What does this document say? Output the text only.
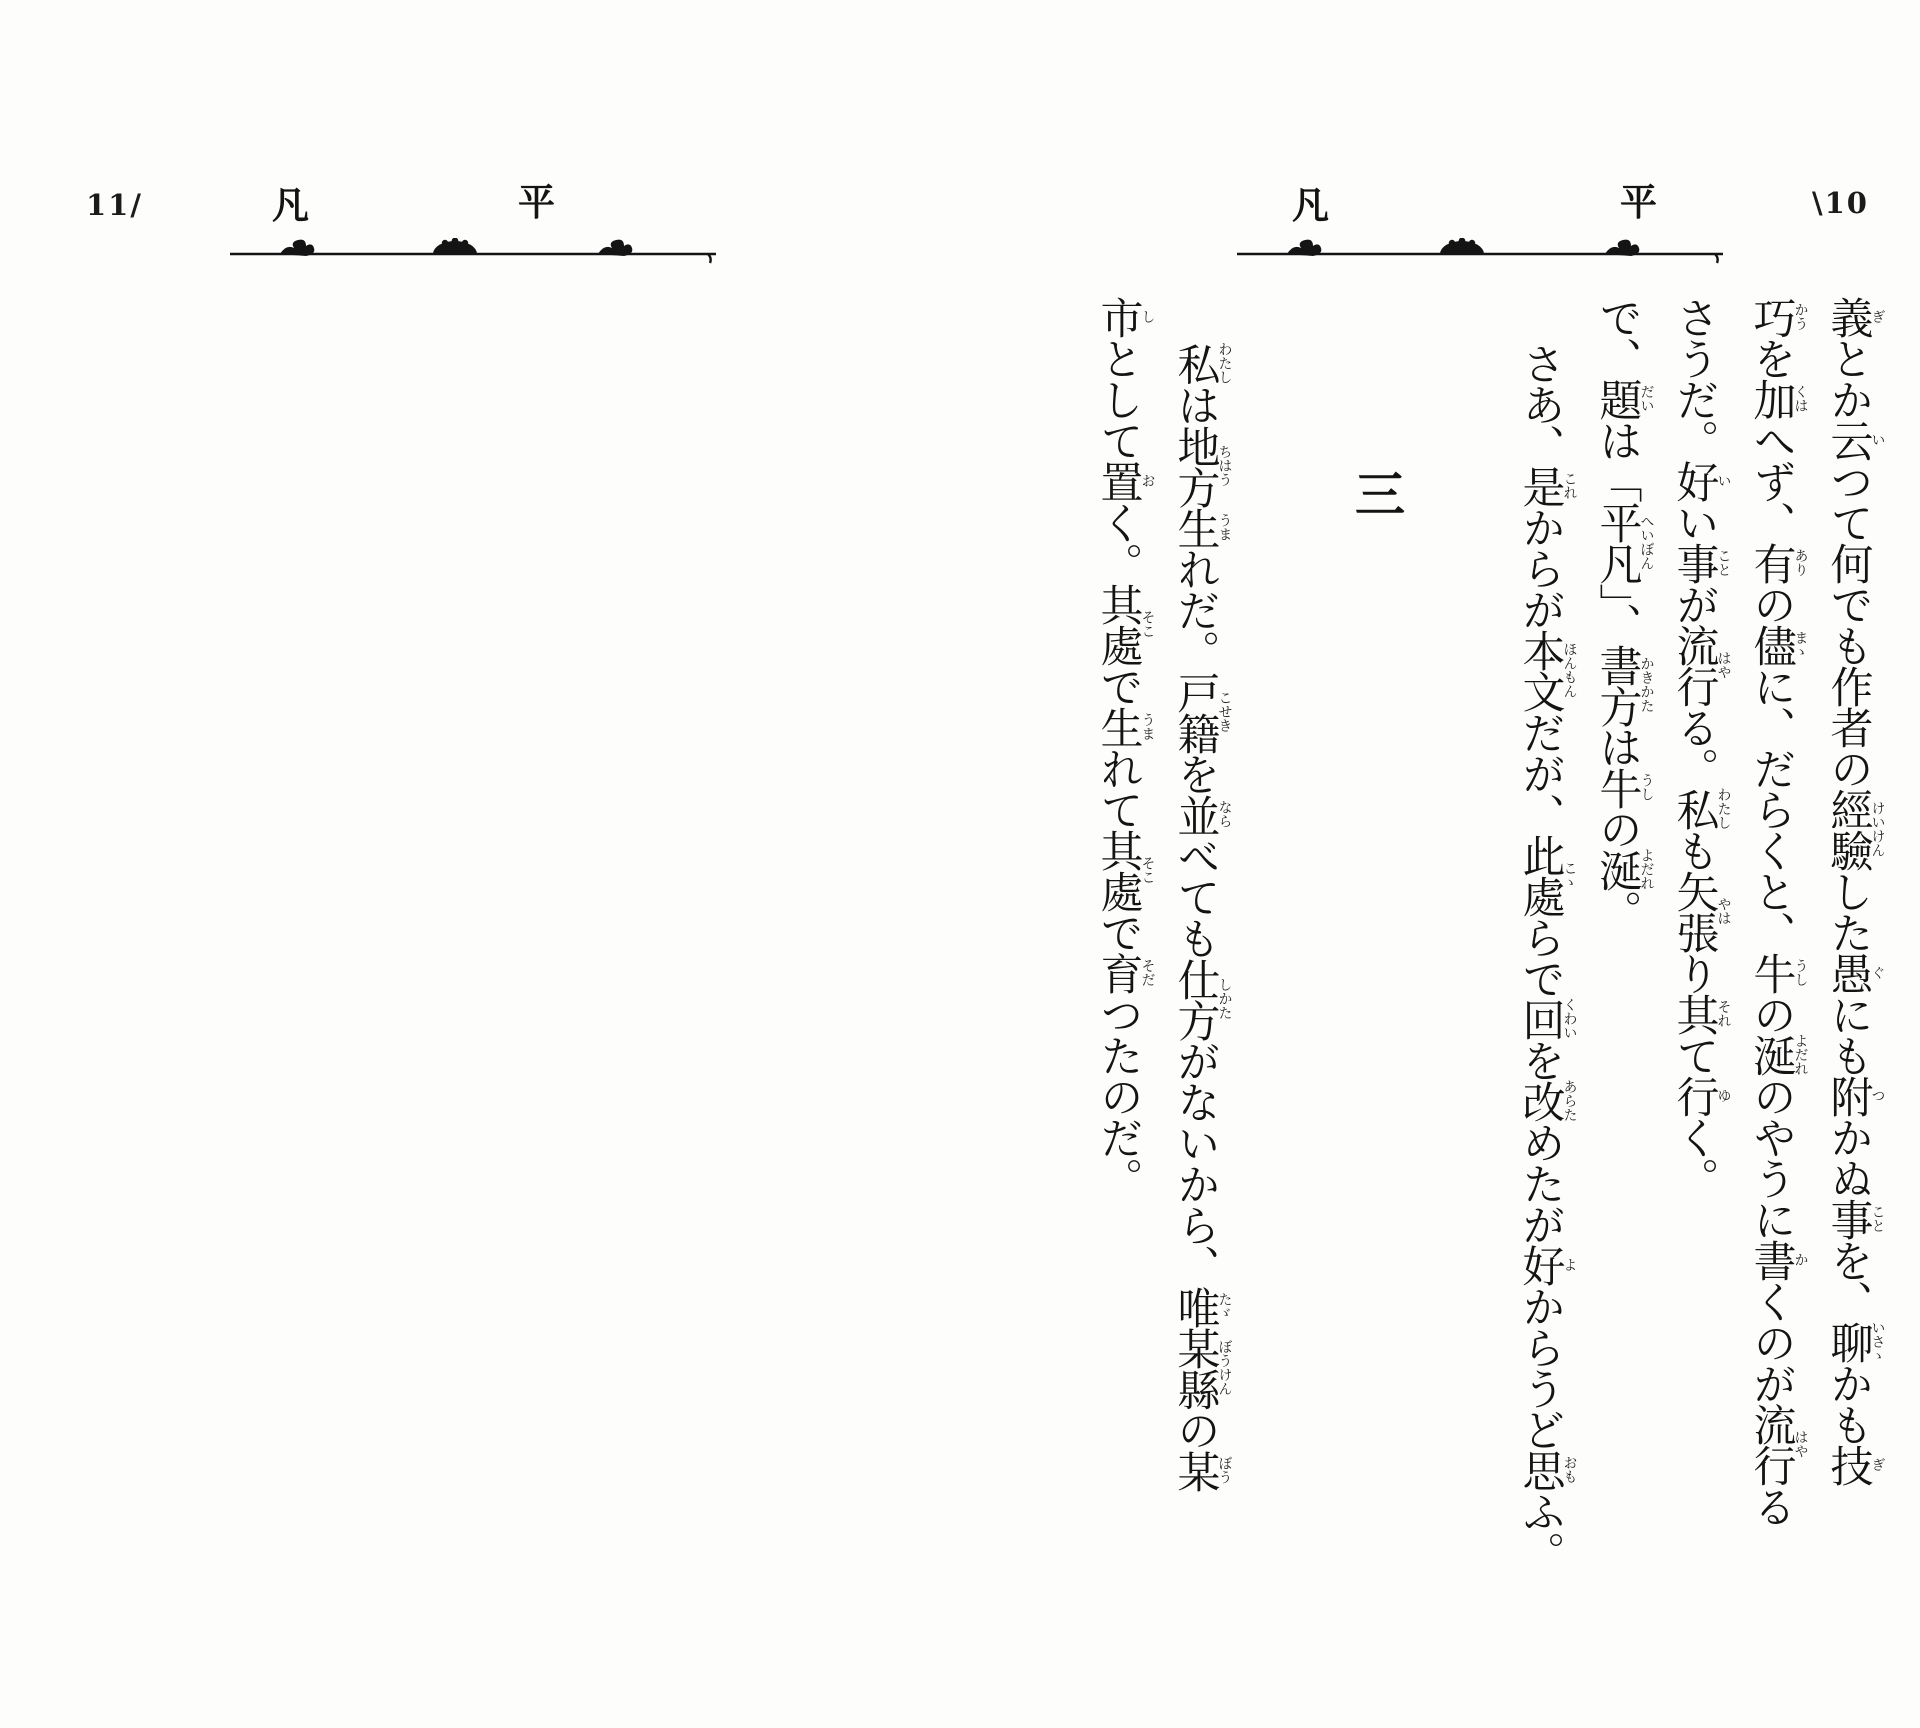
凡	平	\10
義ぎとか云いつて何でも作者の經驗けいけんした愚ぐにも附つかぬ事ことを、聊いさゝかも技ぎ
巧かうを加くはへず、有ありの儘まゝに、だらくと、牛うしの涎よだれのやうに書かくのが流行はやる
さうだ。好いい事ことが流行はやる。私わたしも矢張やはり其それて行ゆく。
で、題だいは「平凡へいぼん」、書方かきかたは牛うしの涎よだれ。
さあ、是これからが本文ほんもんだが、此處こゝらで回くわいを改あらためたが好よからうど思おもふ。
三
私わたしは地方ちはう生うまれだ。戸籍こせきを並ならべても仕方しかたがないから、唯たゞ某縣ぼうけんの某ぼう
市しとして置おく。其處そこで生うまれて其處そこで育そだつたのだ。
11/	凡	平
